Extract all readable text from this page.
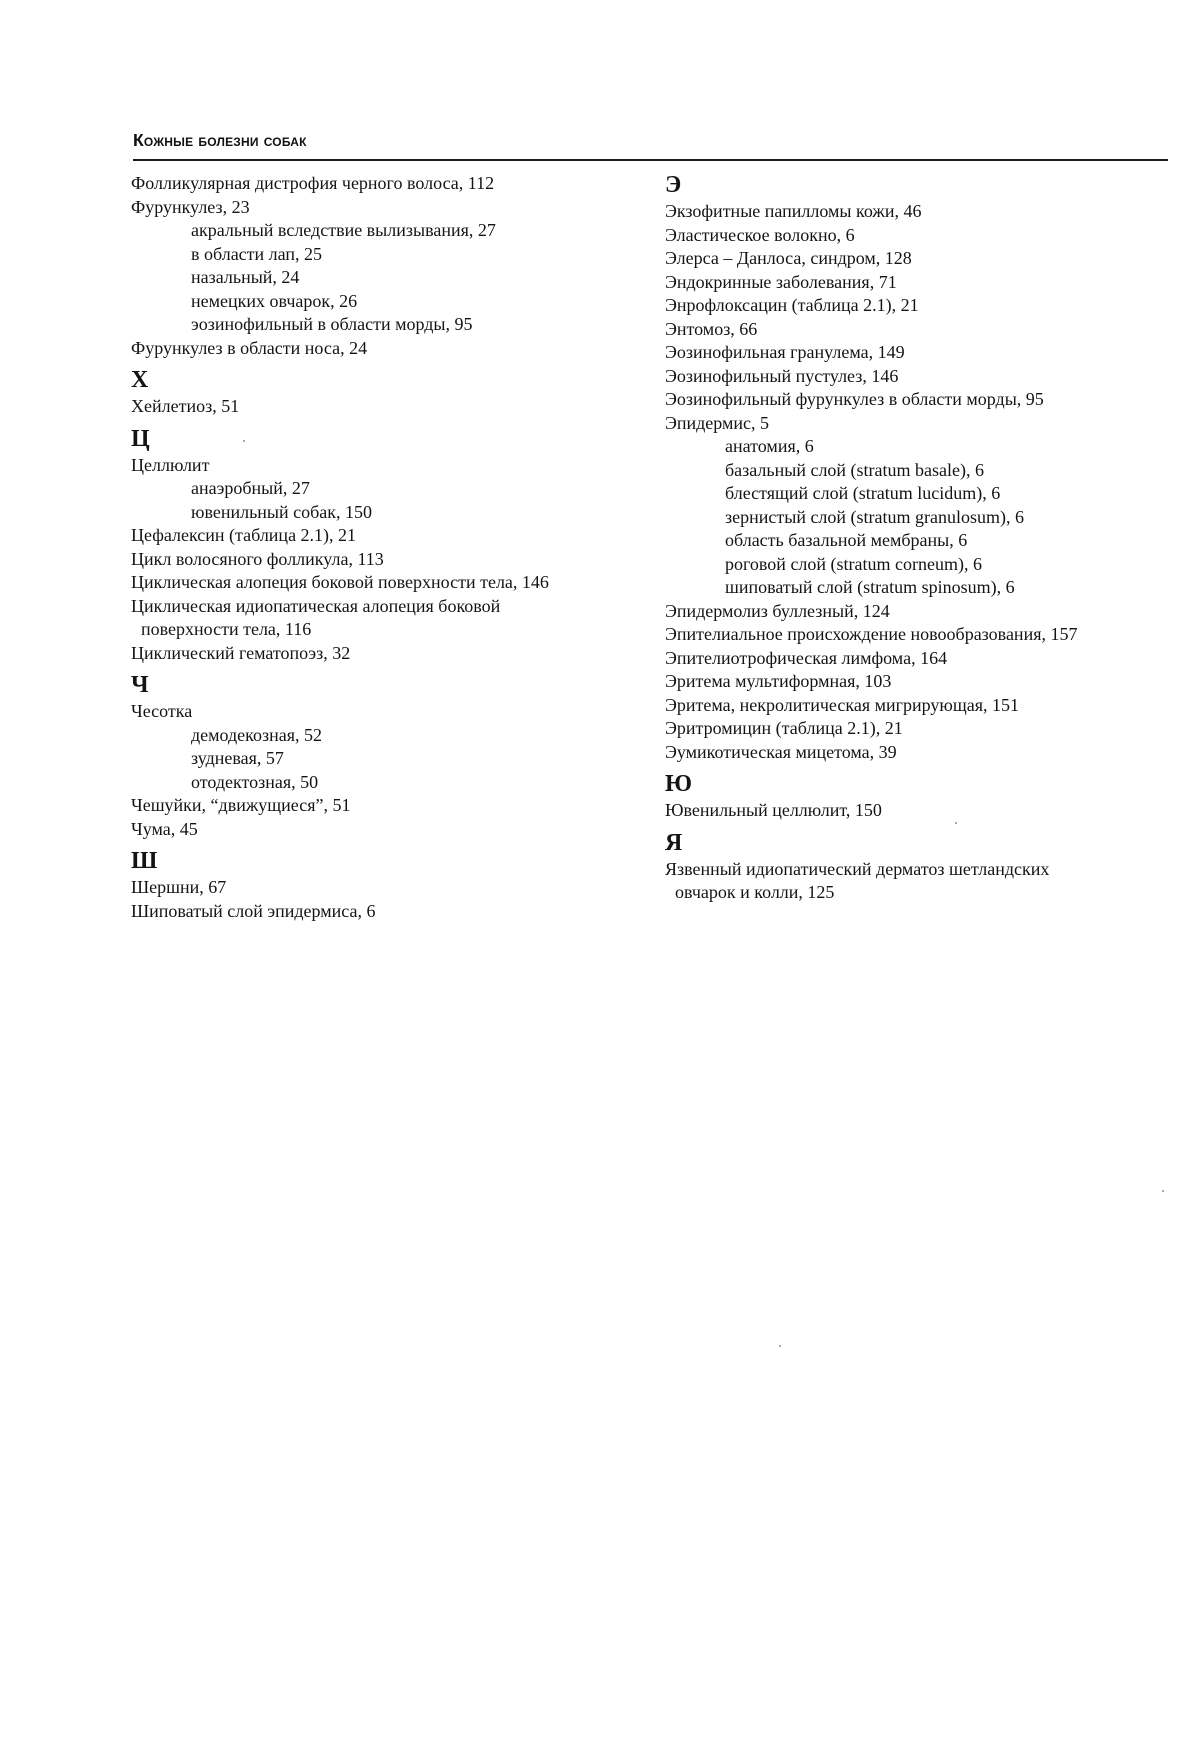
Кожные болезни собак
Фолликулярная дистрофия черного волоса, 112
Фурункулез, 23
акральный вследствие вылизывания, 27
в области лап, 25
назальный, 24
немецких овчарок, 26
эозинофильный в области морды, 95
Фурункулез в области носа, 24
Х
Хейлетиоз, 51
Ц
Целлюлит
анаэробный, 27
ювенильный собак, 150
Цефалексин (таблица 2.1), 21
Цикл волосяного фолликула, 113
Циклическая алопеция боковой поверхности тела, 146
Циклическая идиопатическая алопеция боковой
поверхности тела, 116
Циклический гематопоэз, 32
Ч
Чесотка
демодекозная, 52
зудневая, 57
отодектозная, 50
Чешуйки, “движущиеся”, 51
Чума, 45
Ш
Шершни, 67
Шиповатый слой эпидермиса, 6
Э
Экзофитные папилломы кожи, 46
Эластическое волокно, 6
Элерса – Данлоса, синдром, 128
Эндокринные заболевания, 71
Энрофлоксацин (таблица 2.1), 21
Энтомоз, 66
Эозинофильная гранулема, 149
Эозинофильный пустулез, 146
Эозинофильный фурункулез в области морды, 95
Эпидермис, 5
анатомия, 6
базальный слой (stratum basale), 6
блестящий слой (stratum lucidum), 6
зернистый слой (stratum granulosum), 6
область базальной мембраны, 6
роговой слой (stratum corneum), 6
шиповатый слой (stratum spinosum), 6
Эпидермолиз буллезный, 124
Эпителиальное происхождение новообразования, 157
Эпителиотрофическая лимфома, 164
Эритема мультиформная, 103
Эритема, некролитическая мигрирующая, 151
Эритромицин (таблица 2.1), 21
Эумикотическая мицетома, 39
Ю
Ювенильный целлюлит, 150
Я
Язвенный идиопатический дерматоз шетландских
овчарок и колли, 125
